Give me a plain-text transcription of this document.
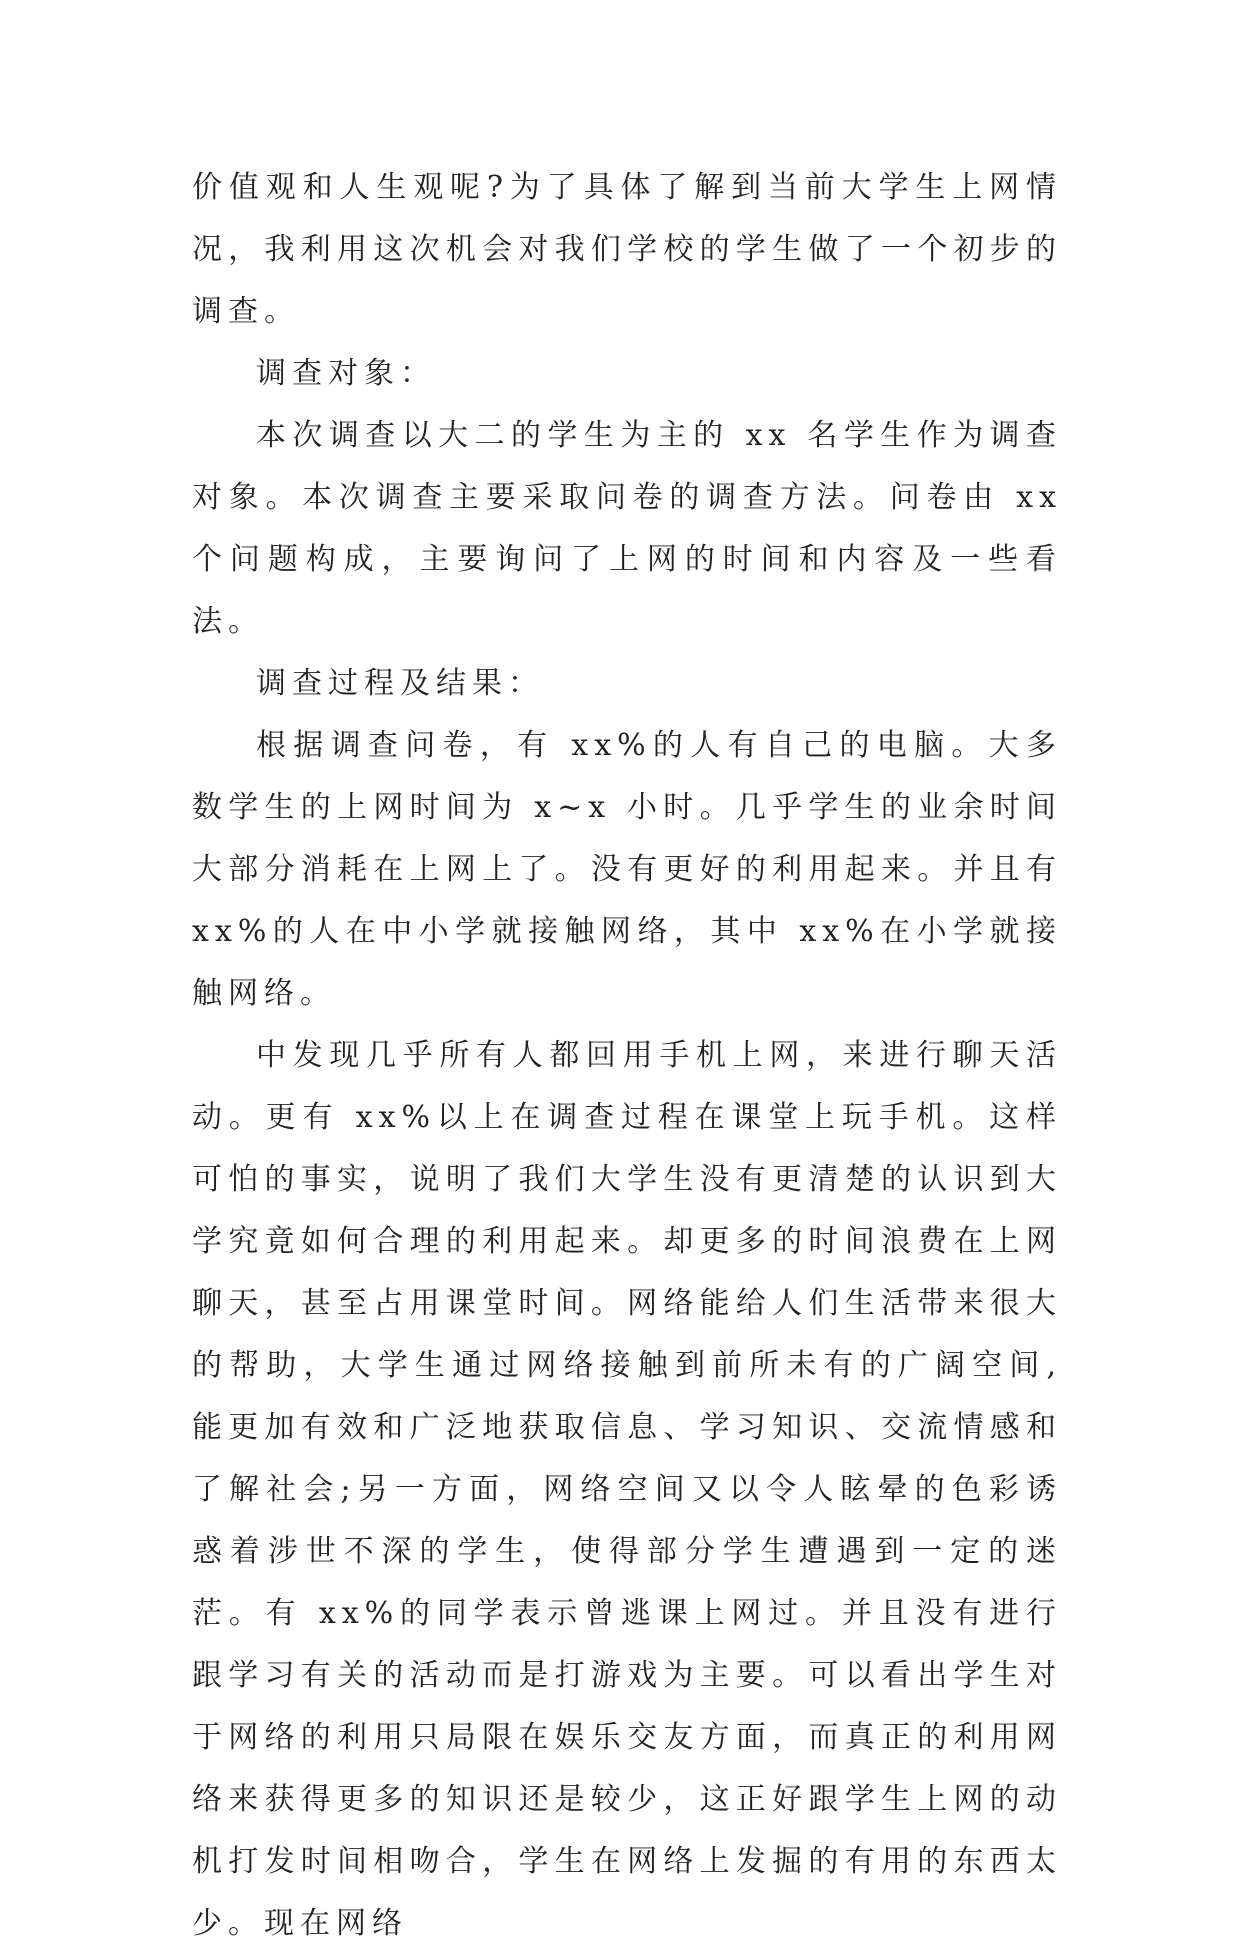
价值观和人生观呢?为了具体了解到当前大学生上网情况，我利用这次机会对我们学校的学生做了一个初步的调查。

调查对象：

本次调查以大二的学生为主的 xx 名学生作为调查对象。本次调查主要采取问卷的调查方法。问卷由 xx 个问题构成，主要询问了上网的时间和内容及一些看法。

调查过程及结果：

根据调查问卷，有 xx%的人有自己的电脑。大多数学生的上网时间为 x~x 小时。几乎学生的业余时间大部分消耗在上网上了。没有更好的利用起来。并且有 xx%的人在中小学就接触网络，其中 xx%在小学就接触网络。

中发现几乎所有人都回用手机上网，来进行聊天活动。更有 xx%以上在调查过程在课堂上玩手机。这样可怕的事实，说明了我们大学生没有更清楚的认识到大学究竟如何合理的利用起来。却更多的时间浪费在上网聊天，甚至占用课堂时间。网络能给人们生活带来很大的帮助，大学生通过网络接触到前所未有的广阔空间,能更加有效和广泛地获取信息、学习知识、交流情感和了解社会;另一方面，网络空间又以令人眩晕的色彩诱惑着涉世不深的学生，使得部分学生遭遇到一定的迷茫。有 xx%的同学表示曾逃课上网过。并且没有进行跟学习有关的活动而是打游戏为主要。可以看出学生对于网络的利用只局限在娱乐交友方面，而真正的利用网络来获得更多的知识还是较少，这正好跟学生上网的动机打发时间相吻合，学生在网络上发掘的有用的东西太少。现在网络
